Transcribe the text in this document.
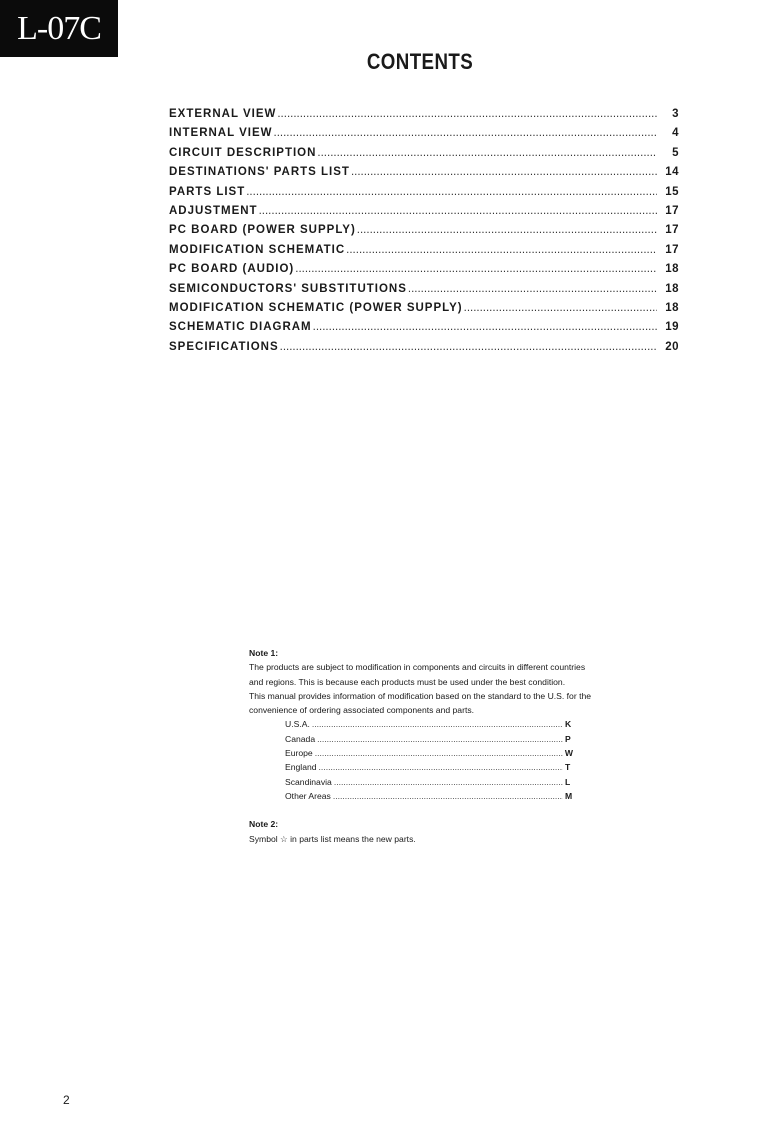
L-07C
CONTENTS
EXTERNAL VIEW .....	3
INTERNAL VIEW .....	4
CIRCUIT DESCRIPTION .....	5
DESTINATIONS' PARTS LIST .....	14
PARTS LIST .....	15
ADJUSTMENT .....	17
PC BOARD (POWER SUPPLY) .....	17
MODIFICATION SCHEMATIC .....	17
PC BOARD (AUDIO) .....	18
SEMICONDUCTORS' SUBSTITUTIONS .....	18
MODIFICATION SCHEMATIC (POWER SUPPLY) .....	18
SCHEMATIC DIAGRAM .....	19
SPECIFICATIONS .....	20
Note 1:

The products are subject to modification in components and circuits in different countries and regions. This is because each products must be used under the best condition.

This manual provides information of modification based on the standard to the U.S. for the convenience of ordering associated components and parts.

U.S.A. .....	K
Canada .....	P
Europe .....	W
England .....	T
Scandinavia .....	L
Other Areas .....	M
Note 2:

Symbol ☆ in parts list means the new parts.

2
